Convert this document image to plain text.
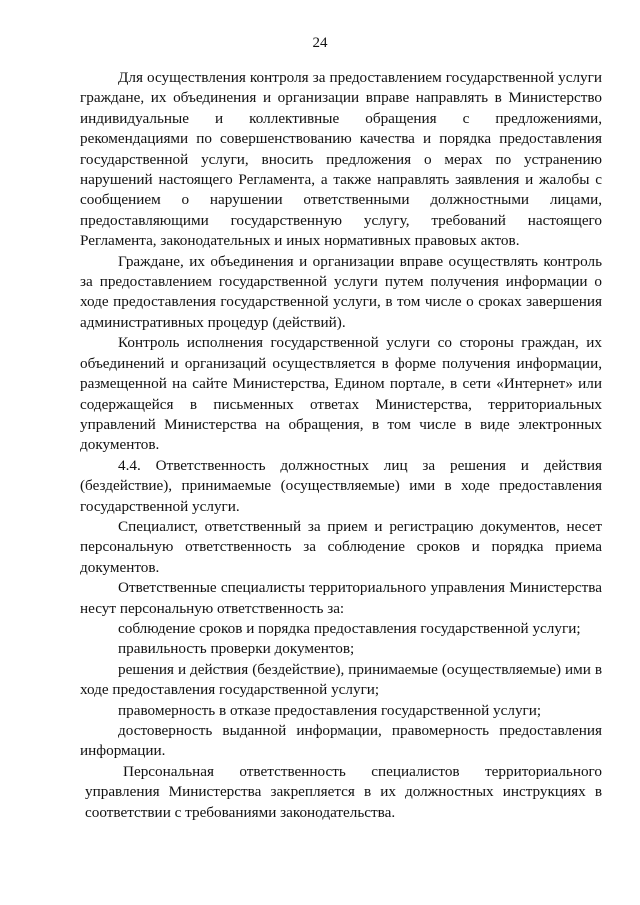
24

Для осуществления контроля за предоставлением государственной услуги граждане, их объединения и организации вправе направлять в Министерство индивидуальные и коллективные обращения с предложениями, рекомендациями по совершенствованию качества и порядка предоставления государственной услуги, вносить предложения о мерах по устранению нарушений настоящего Регламента, а также направлять заявления и жалобы с сообщением о нарушении ответственными должностными лицами, предоставляющими государственную услугу, требований настоящего Регламента, законодательных и иных нормативных правовых актов.

Граждане, их объединения и организации вправе осуществлять контроль за предоставлением государственной услуги путем получения информации о ходе предоставления государственной услуги, в том числе о сроках завершения административных процедур (действий).

Контроль исполнения государственной услуги со стороны граждан, их объединений и организаций осуществляется в форме получения информации, размещенной на сайте Министерства, Едином портале, в сети «Интернет» или содержащейся в письменных ответах Министерства, территориальных управлений Министерства на обращения, в том числе в виде электронных документов.

4.4. Ответственность должностных лиц за решения и действия (бездействие), принимаемые (осуществляемые) ими в ходе предоставления государственной услуги.

Специалист, ответственный за прием и регистрацию документов, несет персональную ответственность за соблюдение сроков и порядка приема документов.

Ответственные специалисты территориального управления Министерства несут персональную ответственность за:

соблюдение сроков и порядка предоставления государственной услуги;

правильность проверки документов;

решения и действия (бездействие), принимаемые (осуществляемые) ими в ходе предоставления государственной услуги;

правомерность в отказе предоставления государственной услуги;

достоверность выданной информации, правомерность предоставления информации.

Персональная ответственность специалистов территориального управления Министерства закрепляется в их должностных инструкциях в соответствии с требованиями законодательства.
